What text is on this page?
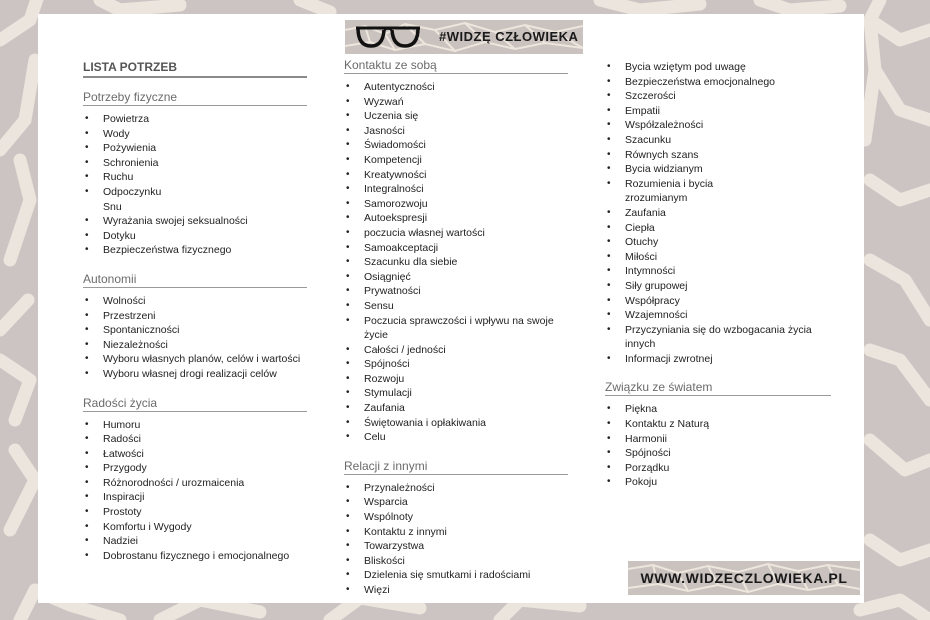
#WIDZĘ CZŁOWIEKA
LISTA POTRZEB
Potrzeby fizyczne
• Powietrza
• Wody
• Pożywienia
• Schronienia
• Ruchu
• Odpoczynku
Snu
• Wyrażania swojej seksualności
• Dotyku
• Bezpieczeństwa fizycznego
Autonomii
• Wolności
• Przestrzeni
• Spontaniczności
• Niezależności
• Wyboru własnych planów, celów i wartości
• Wyboru własnej drogi realizacji celów
Radości życia
• Humoru
• Radości
• Łatwości
• Przygody
• Różnorodności / urozmaicenia
• Inspiracji
• Prostoty
• Komfortu i Wygody
• Nadziei
• Dobrostanu fizycznego i emocjonalnego
Kontaktu ze sobą
• Autentyczności
• Wyzwań
• Uczenia się
• Jasności
• Świadomości
• Kompetencji
• Kreatywności
• Integralności
• Samorozwoju
• Autoekspresji
• poczucia własnej wartości
• Samoakceptacji
• Szacunku dla siebie
• Osiągnięć
• Prywatności
• Sensu
• Poczucia sprawczości i wpływu na swoje życie
• Całości / jedności
• Spójności
• Rozwoju
• Stymulacji
• Zaufania
• Świętowania i opłakiwania
• Celu
Relacji z innymi
• Przynależności
• Wsparcia
• Wspólnoty
• Kontaktu z innymi
• Towarzystwa
• Bliskości
• Dzielenia się smutkami i radościami
• Więzi
• Bycia wziętym pod uwagę
• Bezpieczeństwa emocjonalnego
• Szczerości
• Empatii
• Współzależności
• Szacunku
• Równych szans
• Bycia widzianym
• Rozumienia i bycia zrozumianym
• Zaufania
• Ciepła
• Otuchy
• Miłości
• Intymności
• Siły grupowej
• Współpracy
• Wzajemności
• Przyczyniania się do wzbogacania życia innych
• Informacji zwrotnej
Związku ze światem
• Piękna
• Kontaktu z Naturą
• Harmonii
• Spójności
• Porządku
• Pokoju
WWW.WIDZECZLOWIEKA.PL
